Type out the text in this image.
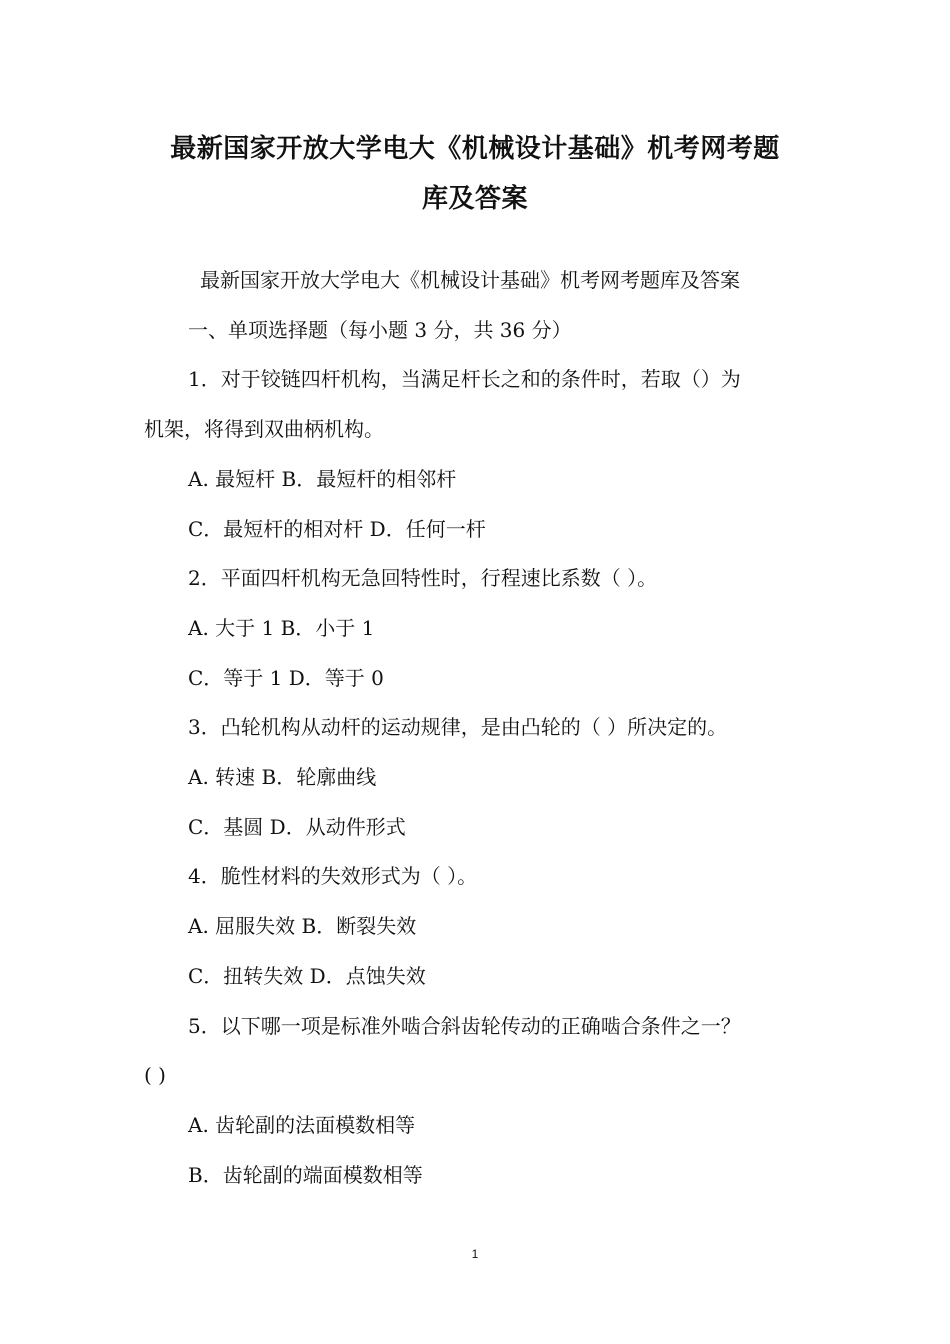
最新国家开放大学电大《机械设计基础》机考网考题
库及答案
最新国家开放大学电大《机械设计基础》机考网考题库及答案
一、单项选择题（每小题 3 分，共 36 分）
1．对于铰链四杆机构，当满足杆长之和的条件时，若取（）为
机架，将得到双曲柄机构。
A. 最短杆 B．最短杆的相邻杆
C．最短杆的相对杆 D．任何一杆
2．平面四杆机构无急回特性时，行程速比系数（ ）。
A. 大于 1 B．小于 1
C．等于 1 D．等于 0
3．凸轮机构从动杆的运动规律，是由凸轮的（ ）所决定的。
A. 转速 B．轮廓曲线
C．基圆 D．从动件形式
4．脆性材料的失效形式为（ ）。
A. 屈服失效 B．断裂失效
C．扭转失效 D．点蚀失效
5．以下哪一项是标准外啮合斜齿轮传动的正确啮合条件之一？
( )
A. 齿轮副的法面模数相等
B．齿轮副的端面模数相等
1
